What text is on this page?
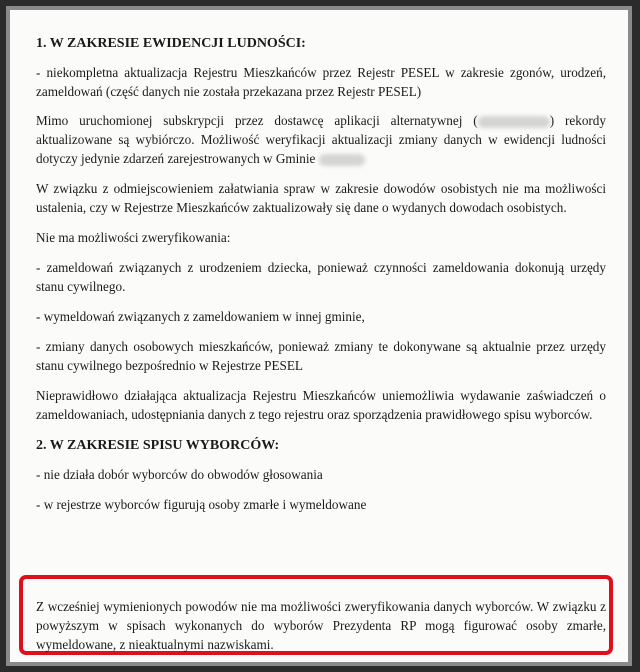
1. W ZAKRESIE EWIDENCJI LUDNOŚCI:

- niekompletna aktualizacja Rejestru Mieszkańców przez Rejestr PESEL w zakresie zgonów, urodzeń, zameldowań (część danych nie została przekazana przez Rejestr PESEL)

Mimo uruchomionej subskrypcji przez dostawcę aplikacji alternatywnej (	) rekordy aktualizowane są wybiórczo. Możliwość weryfikacji aktualizacji zmiany danych w ewidencji ludności dotyczy jedynie zdarzeń zarejestrowanych w Gminie

W związku z odmiejscowieniem załatwiania spraw w zakresie dowodów osobistych nie ma możliwości ustalenia, czy w Rejestrze Mieszkańców zaktualizowały się dane o wydanych dowodach osobistych.

Nie ma możliwości zweryfikowania:

- zameldowań związanych z urodzeniem dziecka, ponieważ czynności zameldowania dokonują urzędy stanu cywilnego.

- wymeldowań związanych z zameldowaniem w innej gminie,

- zmiany danych osobowych mieszkańców, ponieważ zmiany te dokonywane są aktualnie przez urzędy stanu cywilnego bezpośrednio w Rejestrze PESEL

Nieprawidłowo działająca aktualizacja Rejestru Mieszkańców uniemożliwia wydawanie zaświadczeń o zameldowaniach, udostępniania danych z tego rejestru oraz sporządzenia prawidłowego spisu wyborców.

2. W ZAKRESIE SPISU WYBORCÓW:

- nie działa dobór wyborców do obwodów głosowania

- w rejestrze wyborców figurują osoby zmarłe i wymeldowane

Z wcześniej wymienionych powodów nie ma możliwości zweryfikowania danych wyborców. W związku z powyższym w spisach wykonanych do wyborów Prezydenta RP mogą figurować osoby zmarłe, wymeldowane, z nieaktualnymi nazwiskami.
